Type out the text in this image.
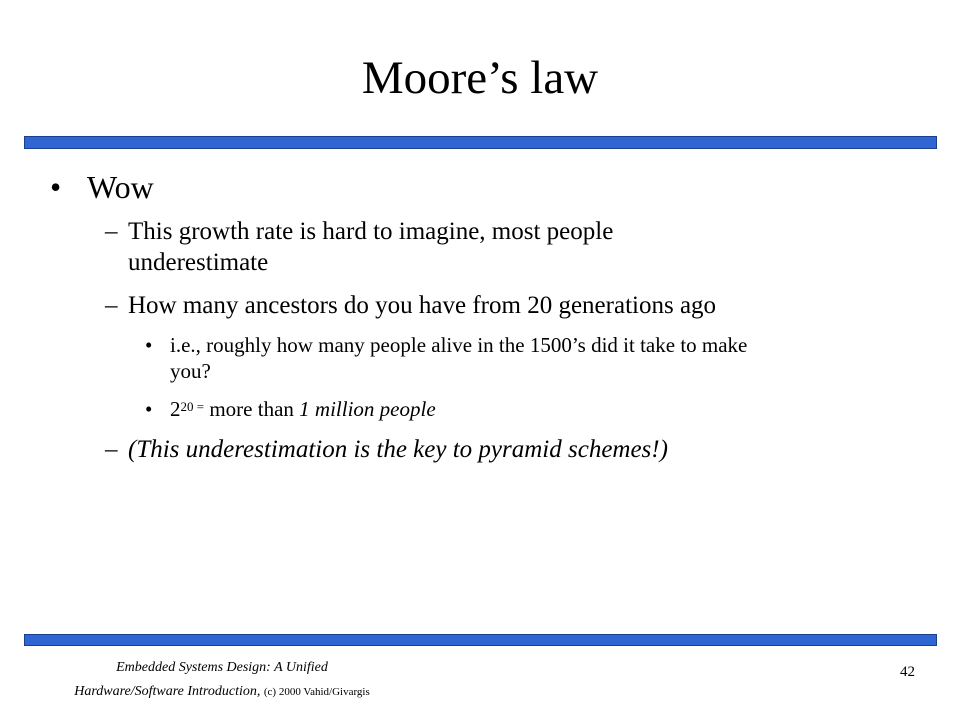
Moore’s law
• Wow
– This growth rate is hard to imagine, most people
underestimate
– How many ancestors do you have from 20 generations ago
• i.e., roughly how many people alive in the 1500’s did it take to make
you?
• $2^{20 =}$ more than 1 million people
– (This underestimation is the key to pyramid schemes!)
Embedded Systems Design: A Unified
Hardware/Software Introduction, (c) 2000 Vahid/Givargis
42
